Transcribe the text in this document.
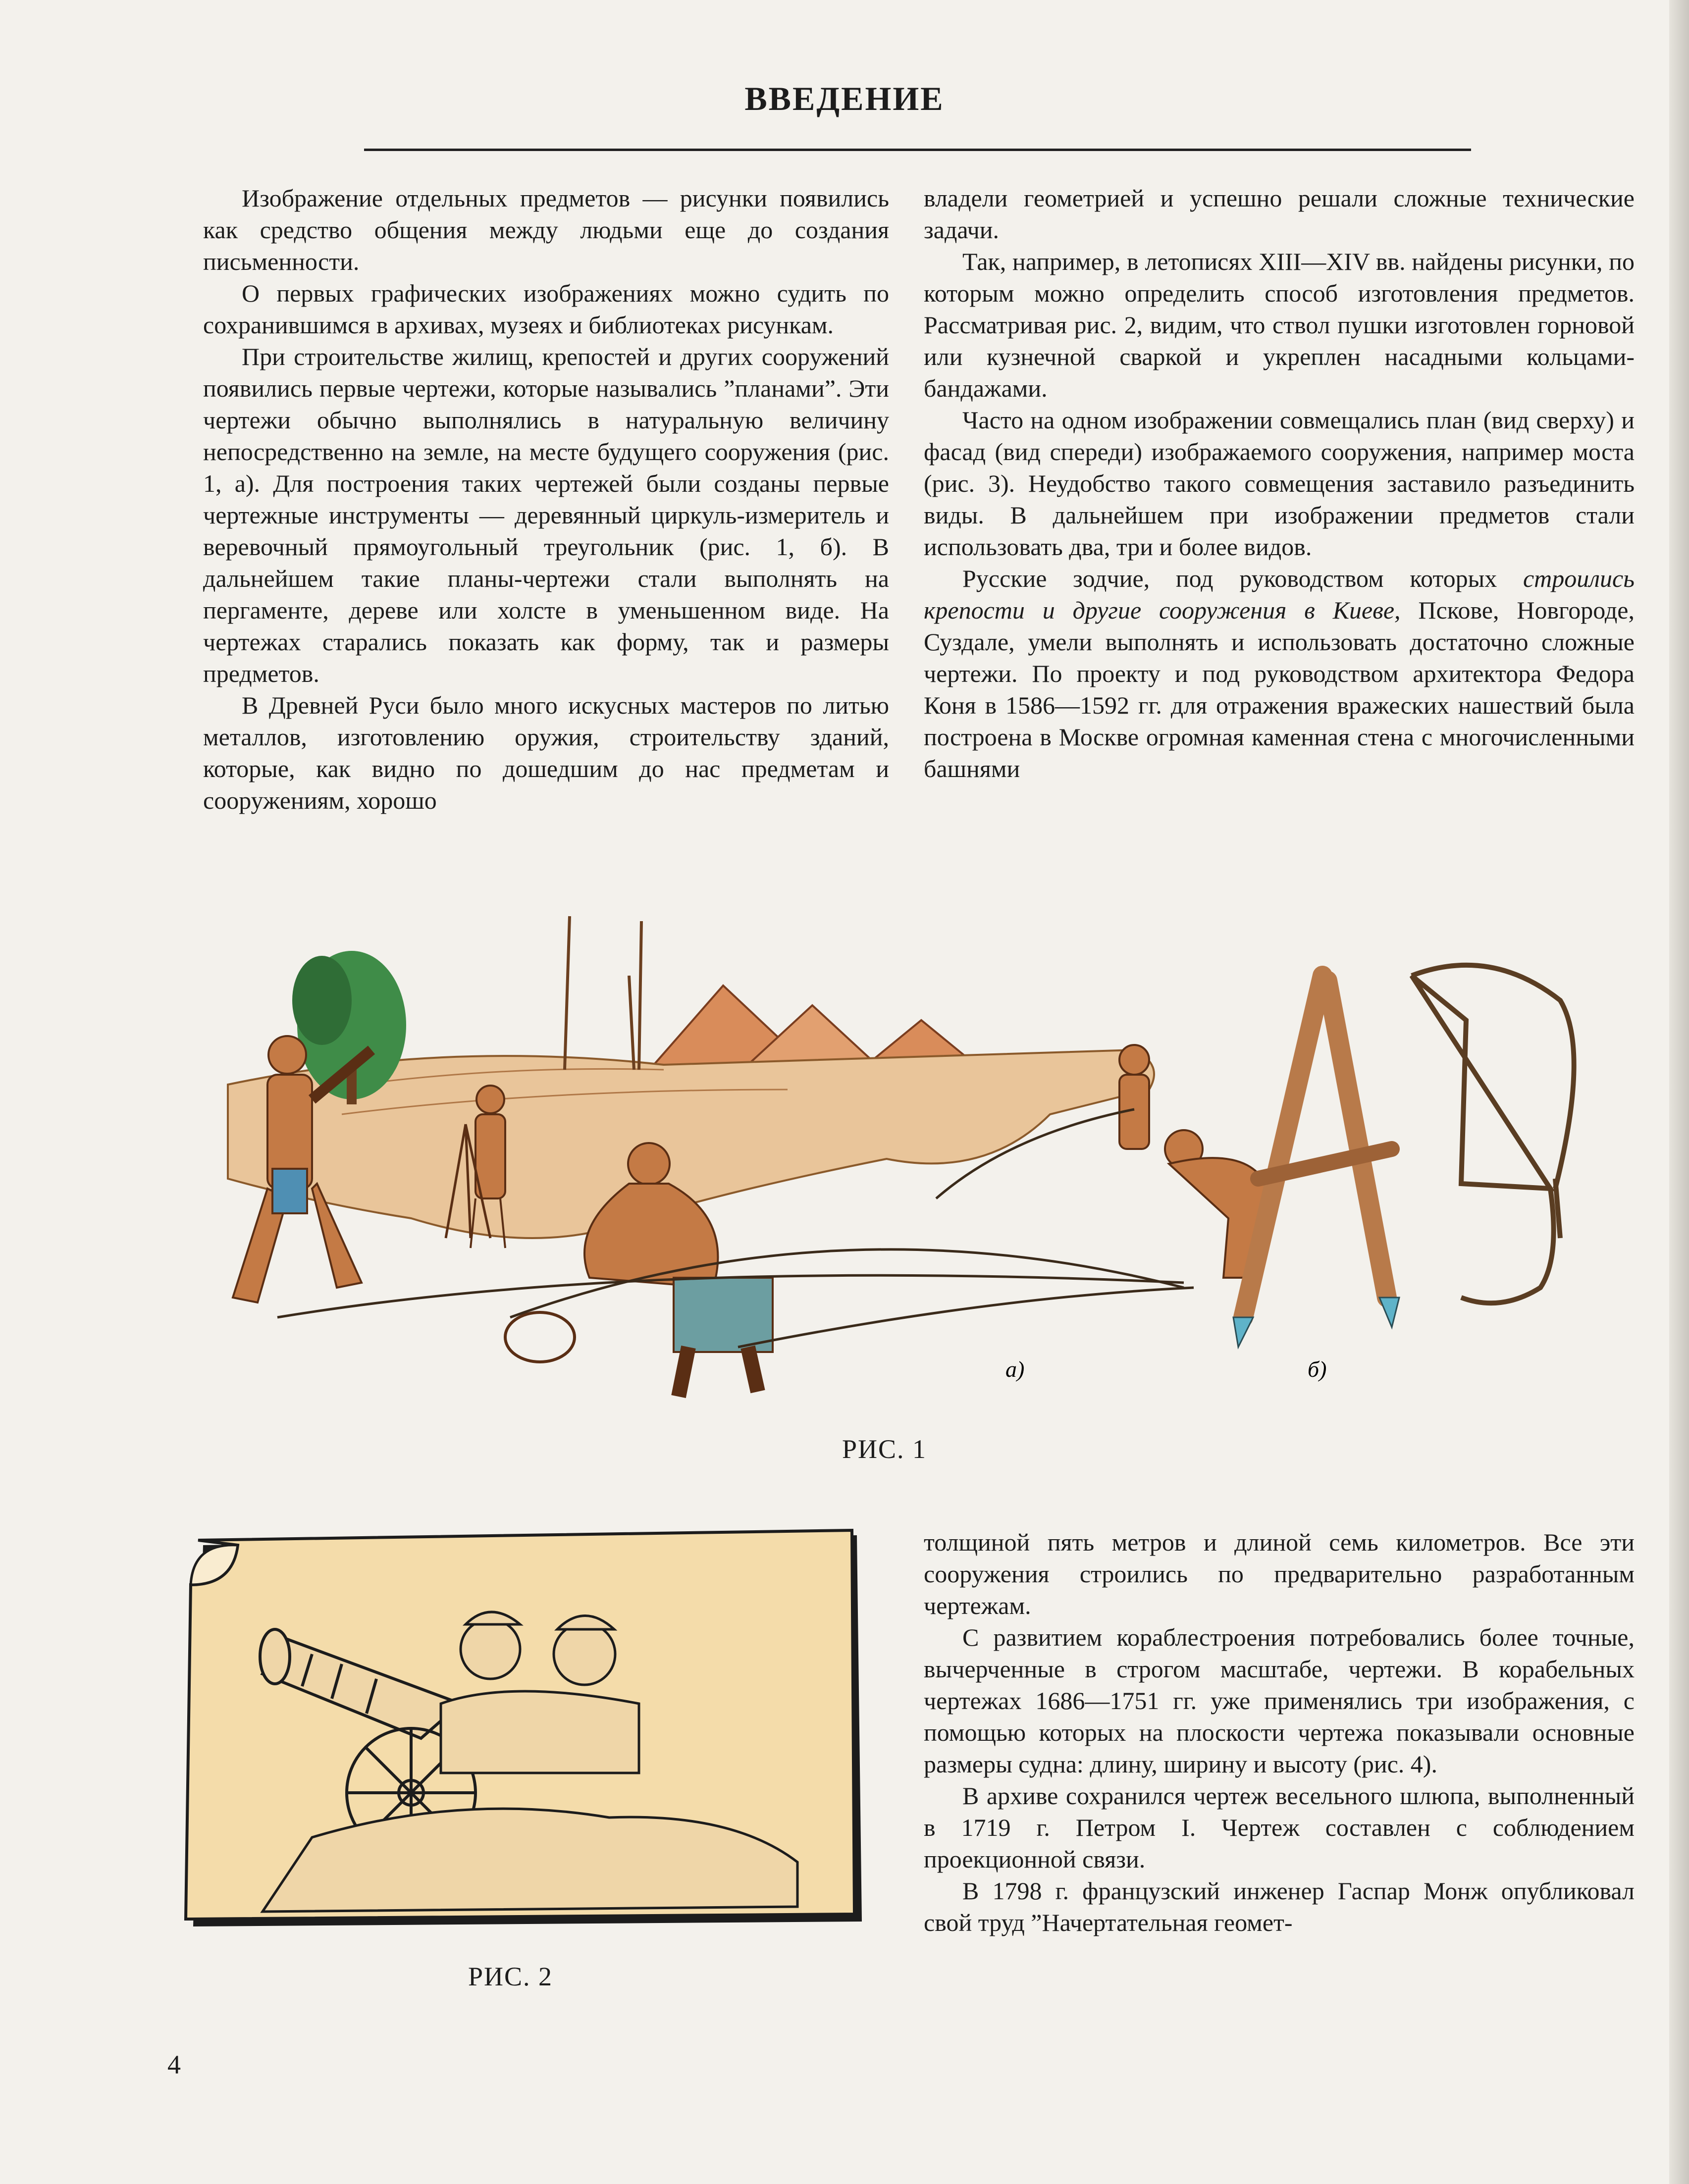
ВВЕДЕНИЕ

Изображение отдельных предметов — рисунки появились как средство общения между людьми еще до создания письменности.

О первых графических изображениях можно судить по сохранившимся в архивах, музеях и библиотеках рисункам.

При строительстве жилищ, крепостей и других сооружений появились первые чертежи, которые назывались ”планами”. Эти чертежи обычно выполнялись в натуральную величину непосредственно на земле, на месте будущего сооружения (рис. 1, а). Для построения таких чертежей были созданы первые чертежные инструменты — деревянный циркуль-измеритель и веревочный прямоугольный треугольник (рис. 1, б). В дальнейшем такие планы-чертежи стали выполнять на пергаменте, дереве или холсте в уменьшенном виде. На чертежах старались показать как форму, так и размеры предметов.

В Древней Руси было много искусных мастеров по литью металлов, изготовлению оружия, строительству зданий, которые, как видно по дошедшим до нас предметам и сооружениям, хорошо

владели геометрией и успешно решали сложные технические задачи.

Так, например, в летописях XIII—XIV вв. найдены рисунки, по которым можно определить способ изготовления предметов. Рассматривая рис. 2, видим, что ствол пушки изготовлен горновой или кузнечной сваркой и укреплен насадными кольцами-бандажами.

Часто на одном изображении совмещались план (вид сверху) и фасад (вид спереди) изображаемого сооружения, например моста (рис. 3). Неудобство такого совмещения заставило разъединить виды. В дальнейшем при изображении предметов стали использовать два, три и более видов.

Русские зодчие, под руководством которых строились крепости и другие сооружения в Киеве, Пскове, Новгороде, Суздале, умели выполнять и использовать достаточно сложные чертежи. По проекту и под руководством архитектора Федора Коня в 1586—1592 гг. для отражения вражеских нашествий была построена в Москве огромная каменная стена с многочисленными башнями

а)	б)
РИС. 1
РИС. 2

толщиной пять метров и длиной семь километров. Все эти сооружения строились по предварительно разработанным чертежам.

С развитием кораблестроения потребовались более точные, вычерченные в строгом масштабе, чертежи. В корабельных чертежах 1686—1751 гг. уже применялись три изображения, с помощью которых на плоскости чертежа показывали основные размеры судна: длину, ширину и высоту (рис. 4).

В архиве сохранился чертеж весельного шлюпа, выполненный в 1719 г. Петром I. Чертеж составлен с соблюдением проекционной связи.

В 1798 г. французский инженер Гаспар Монж опубликовал свой труд ”Начертательная геомет-

4
